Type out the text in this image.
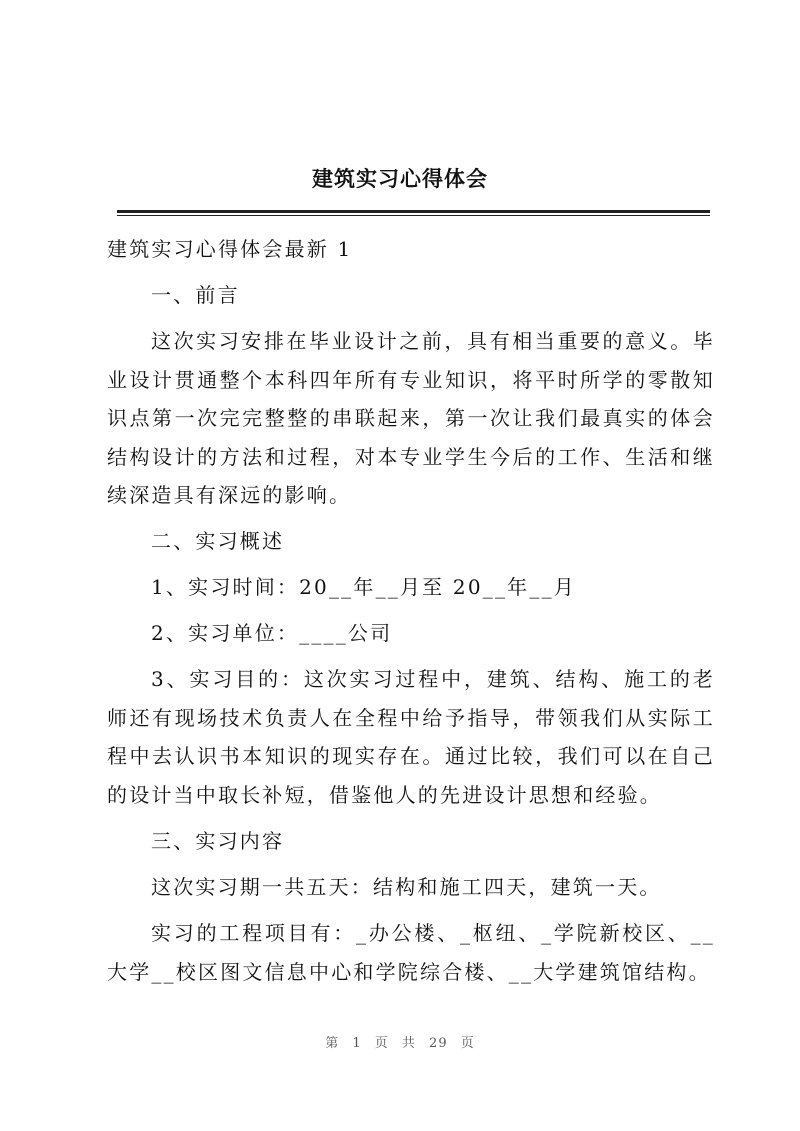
建筑实习心得体会

建筑实习心得体会最新 1

一、前言

这次实习安排在毕业设计之前，具有相当重要的意义。毕业设计贯通整个本科四年所有专业知识，将平时所学的零散知识点第一次完完整整的串联起来，第一次让我们最真实的体会结构设计的方法和过程，对本专业学生今后的工作、生活和继续深造具有深远的影响。

二、实习概述

1、实习时间：20__年__月至 20__年__月

2、实习单位：____公司

3、实习目的：这次实习过程中，建筑、结构、施工的老师还有现场技术负责人在全程中给予指导，带领我们从实际工程中去认识书本知识的现实存在。通过比较，我们可以在自己的设计当中取长补短，借鉴他人的先进设计思想和经验。

三、实习内容

这次实习期一共五天：结构和施工四天，建筑一天。

实习的工程项目有：_办公楼、_枢纽、_学院新校区、__大学__校区图文信息中心和学院综合楼、__大学建筑馆结构。

第 1 页 共 29 页
